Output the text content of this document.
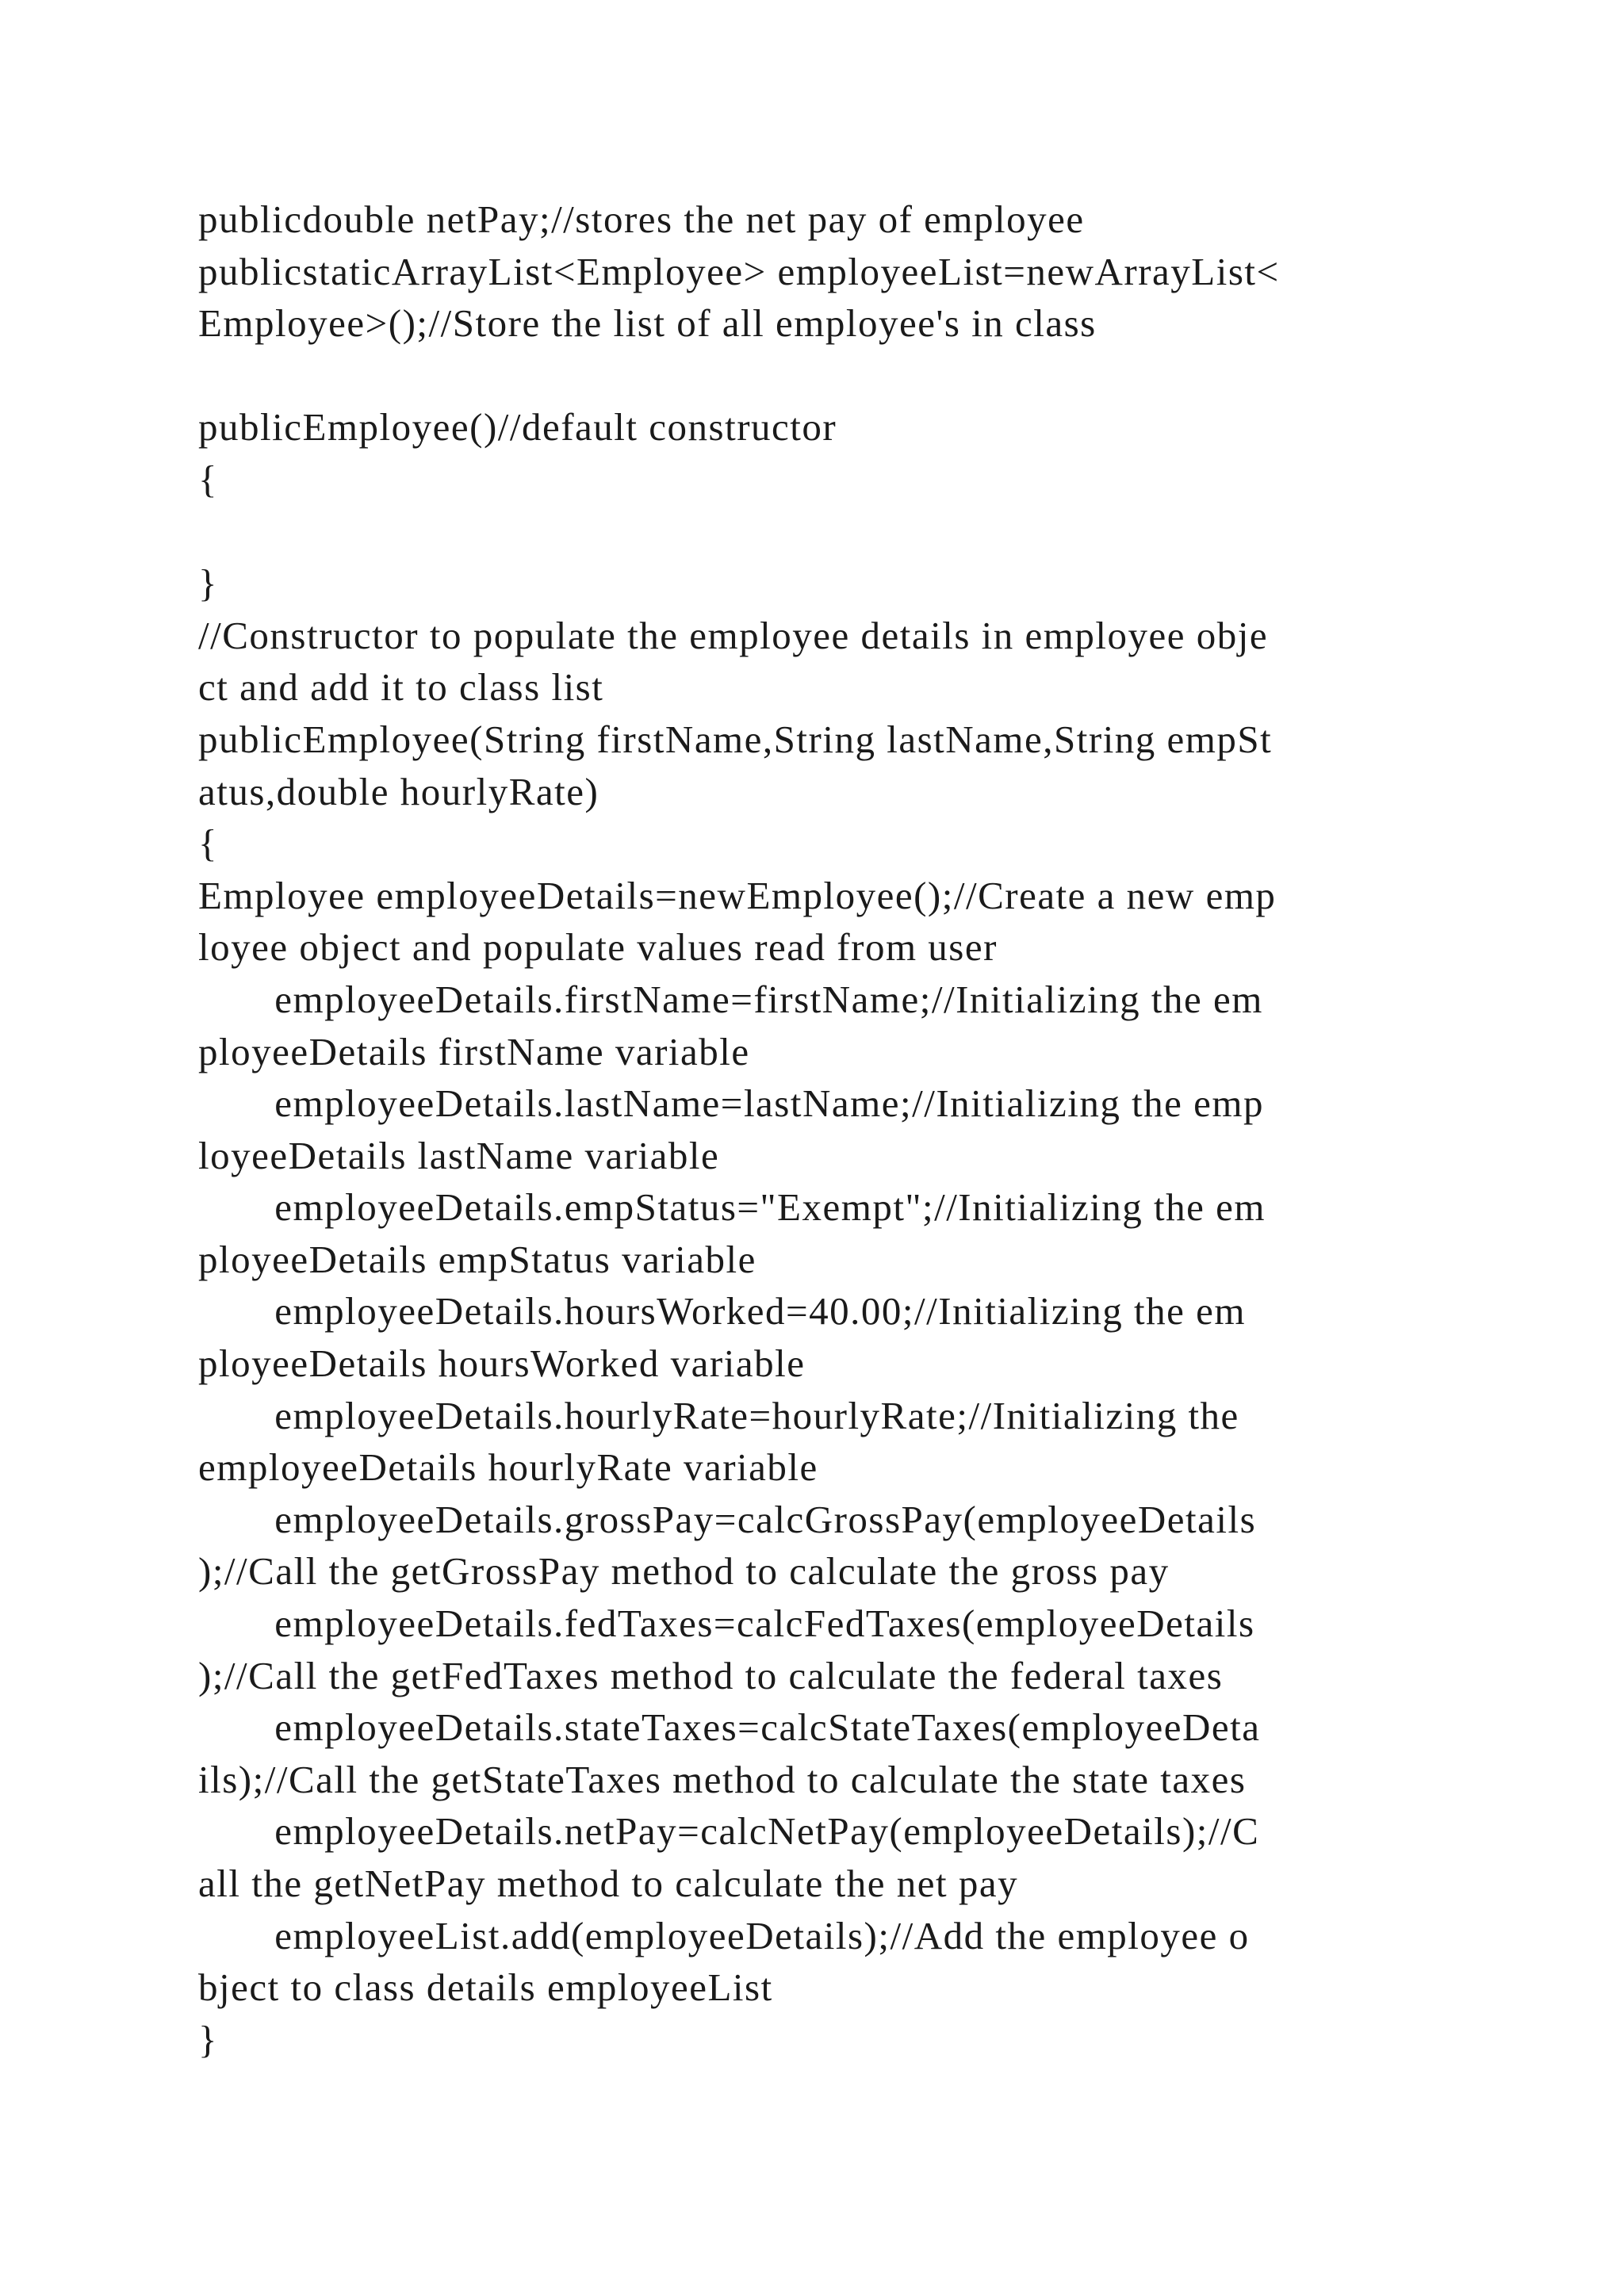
publicdouble netPay;//stores the net pay of employee
publicstaticArrayList<Employee> employeeList=newArrayList<
Employee>();//Store the list of all employee's in class
publicEmployee()//default constructor
{
}
//Constructor to populate the employee details in employee obje
ct and add it to class list
publicEmployee(String firstName,String lastName,String empSt
atus,double hourlyRate)
{
Employee employeeDetails=newEmployee();//Create a new emp
loyee object and populate values read from user
employeeDetails.firstName=firstName;//Initializing the em
ployeeDetails firstName variable
employeeDetails.lastName=lastName;//Initializing the emp
loyeeDetails lastName variable
employeeDetails.empStatus="Exempt";//Initializing the em
ployeeDetails empStatus variable
employeeDetails.hoursWorked=40.00;//Initializing the em
ployeeDetails hoursWorked variable
employeeDetails.hourlyRate=hourlyRate;//Initializing the
employeeDetails hourlyRate variable
employeeDetails.grossPay=calcGrossPay(employeeDetails
);//Call the getGrossPay method to calculate the gross pay
employeeDetails.fedTaxes=calcFedTaxes(employeeDetails
);//Call the getFedTaxes method to calculate the federal taxes
employeeDetails.stateTaxes=calcStateTaxes(employeeDeta
ils);//Call the getStateTaxes method to calculate the state taxes
employeeDetails.netPay=calcNetPay(employeeDetails);//C
all the getNetPay method to calculate the net pay
employeeList.add(employeeDetails);//Add the employee o
bject to class details employeeList
}
